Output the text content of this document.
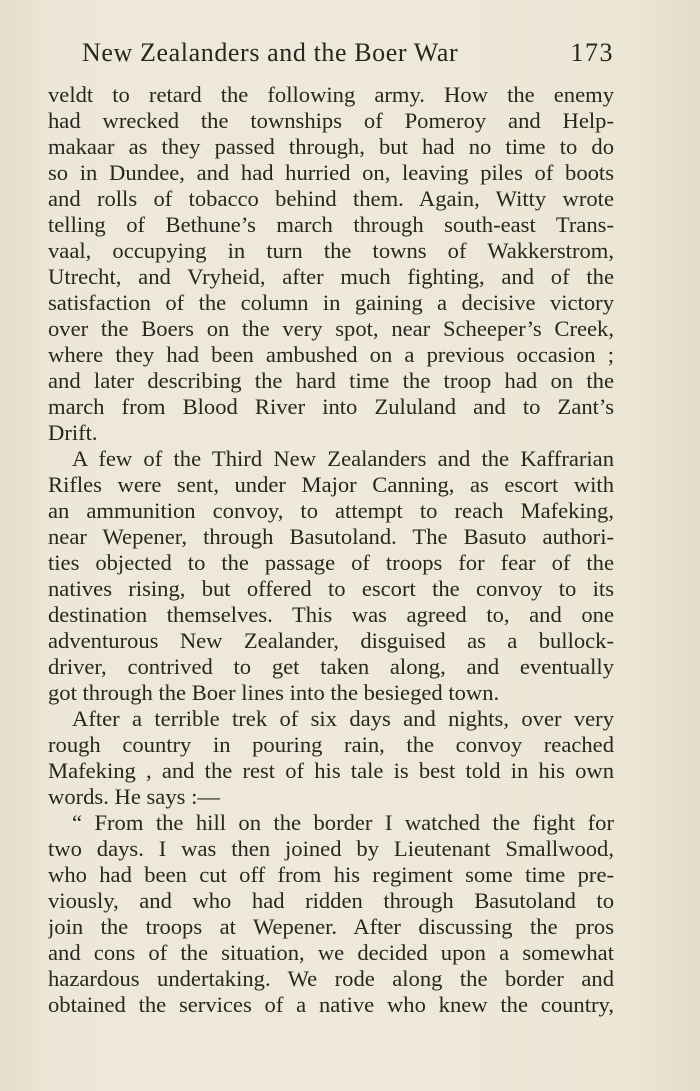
New Zealanders and the Boer War	173
veldt to retard the following army. How the enemy
had wrecked the townships of Pomeroy and Help-
makaar as they passed through, but had no time to do
so in Dundee, and had hurried on, leaving piles of boots
and rolls of tobacco behind them. Again, Witty wrote
telling of Bethune’s march through south-east Trans-
vaal, occupying in turn the towns of Wakkerstrom,
Utrecht, and Vryheid, after much fighting, and of the
satisfaction of the column in gaining a decisive victory
over the Boers on the very spot, near Scheeper’s Creek,
where they had been ambushed on a previous occasion ;
and later describing the hard time the troop had on the
march from Blood River into Zululand and to Zant’s
Drift.
A few of the Third New Zealanders and the Kaffrarian
Rifles were sent, under Major Canning, as escort with
an ammunition convoy, to attempt to reach Mafeking,
near Wepener, through Basutoland. The Basuto authori-
ties objected to the passage of troops for fear of the
natives rising, but offered to escort the convoy to its
destination themselves. This was agreed to, and one
adventurous New Zealander, disguised as a bullock-
driver, contrived to get taken along, and eventually
got through the Boer lines into the besieged town.
After a terrible trek of six days and nights, over very
rough country in pouring rain, the convoy reached
Mafeking , and the rest of his tale is best told in his own
words. He says :—
“ From the hill on the border I watched the fight for
two days. I was then joined by Lieutenant Smallwood,
who had been cut off from his regiment some time pre-
viously, and who had ridden through Basutoland to
join the troops at Wepener. After discussing the pros
and cons of the situation, we decided upon a somewhat
hazardous undertaking. We rode along the border and
obtained the services of a native who knew the country,
